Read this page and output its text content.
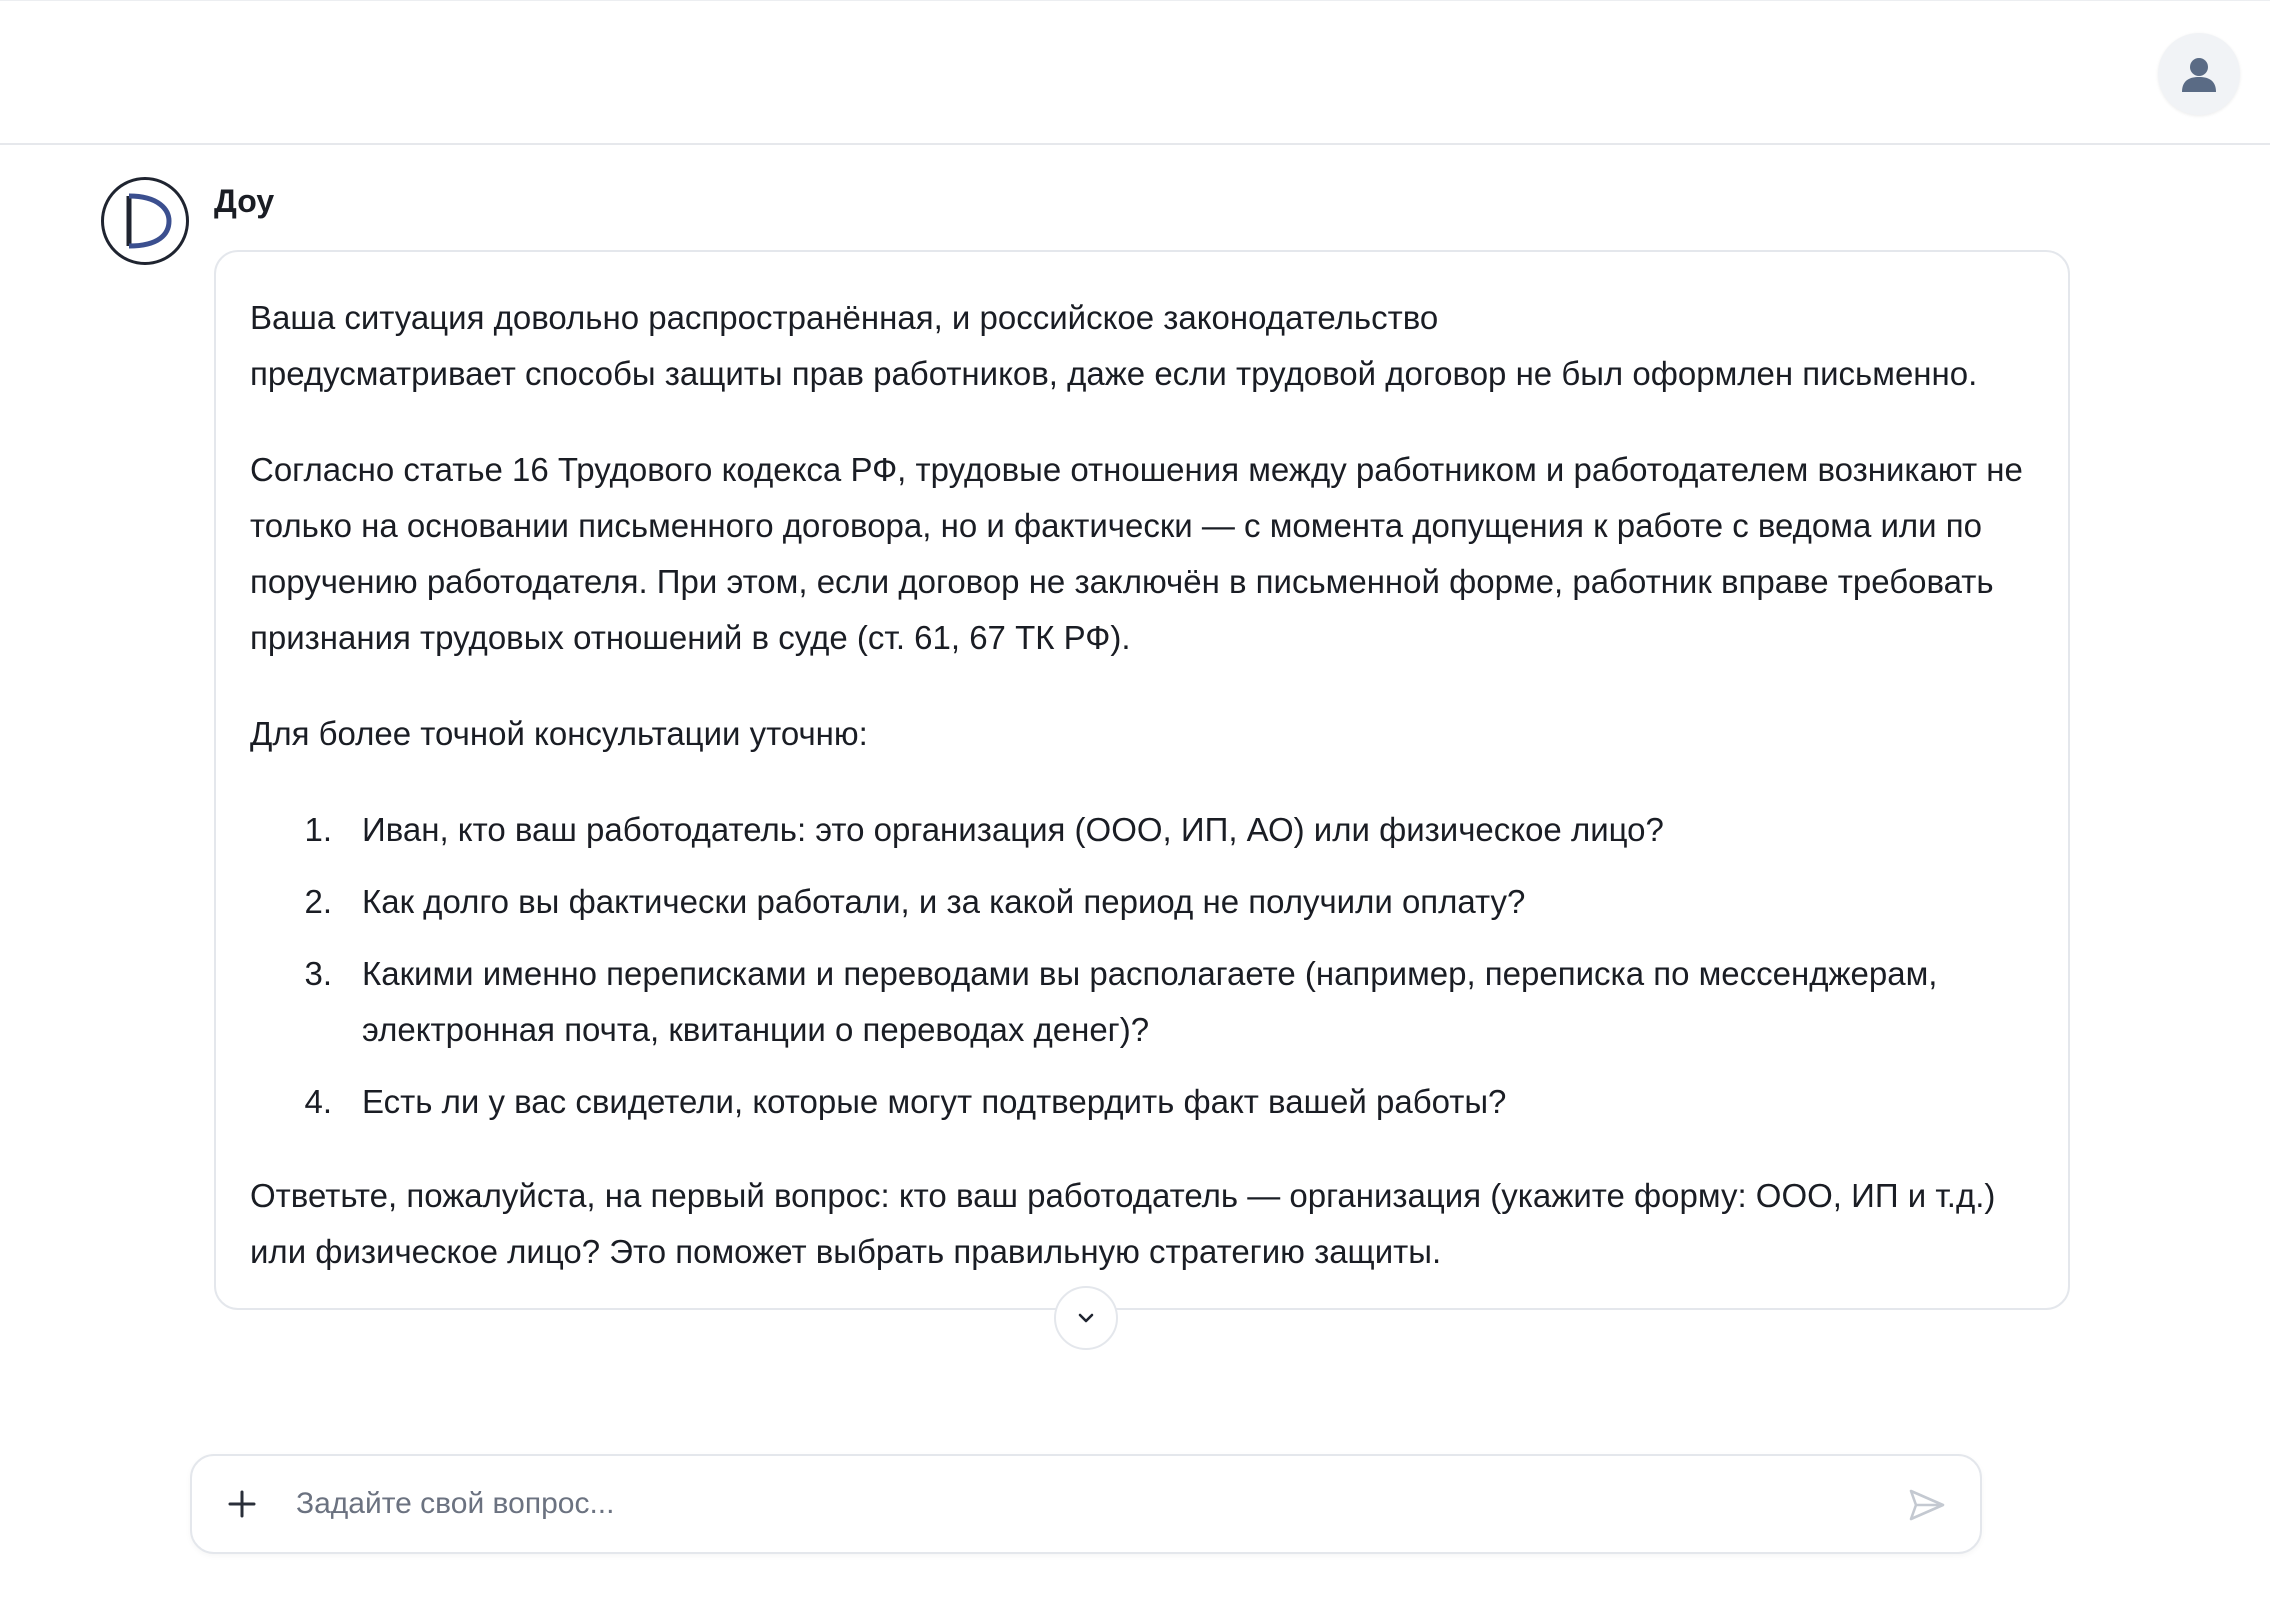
Доу

Ваша ситуация довольно распространённая, и российское законодательство

предусматривает способы защиты прав работников, даже если трудовой договор не был оформлен письменно.

Согласно статье 16 Трудового кодекса РФ, трудовые отношения между работником и работодателем возникают не только на основании письменного договора, но и фактически — с момента допущения к работе с ведома или по поручению работодателя. При этом, если договор не заключён в письменной форме, работник вправе требовать признания трудовых отношений в суде (ст. 61, 67 ТК РФ).

Для более точной консультации уточню:

1. Иван, кто ваш работодатель: это организация (ООО, ИП, АО) или физическое лицо?
2. Как долго вы фактически работали, и за какой период не получили оплату?
3. Какими именно переписками и переводами вы располагаете (например, переписка по мессенджерам, электронная почта, квитанции о переводах денег)?
4. Есть ли у вас свидетели, которые могут подтвердить факт вашей работы?

Ответьте, пожалуйста, на первый вопрос: кто ваш работодатель — организация (укажите форму: ООО, ИП и т.д.) или физическое лицо? Это поможет выбрать правильную стратегию защиты.

Задайте свой вопрос...
